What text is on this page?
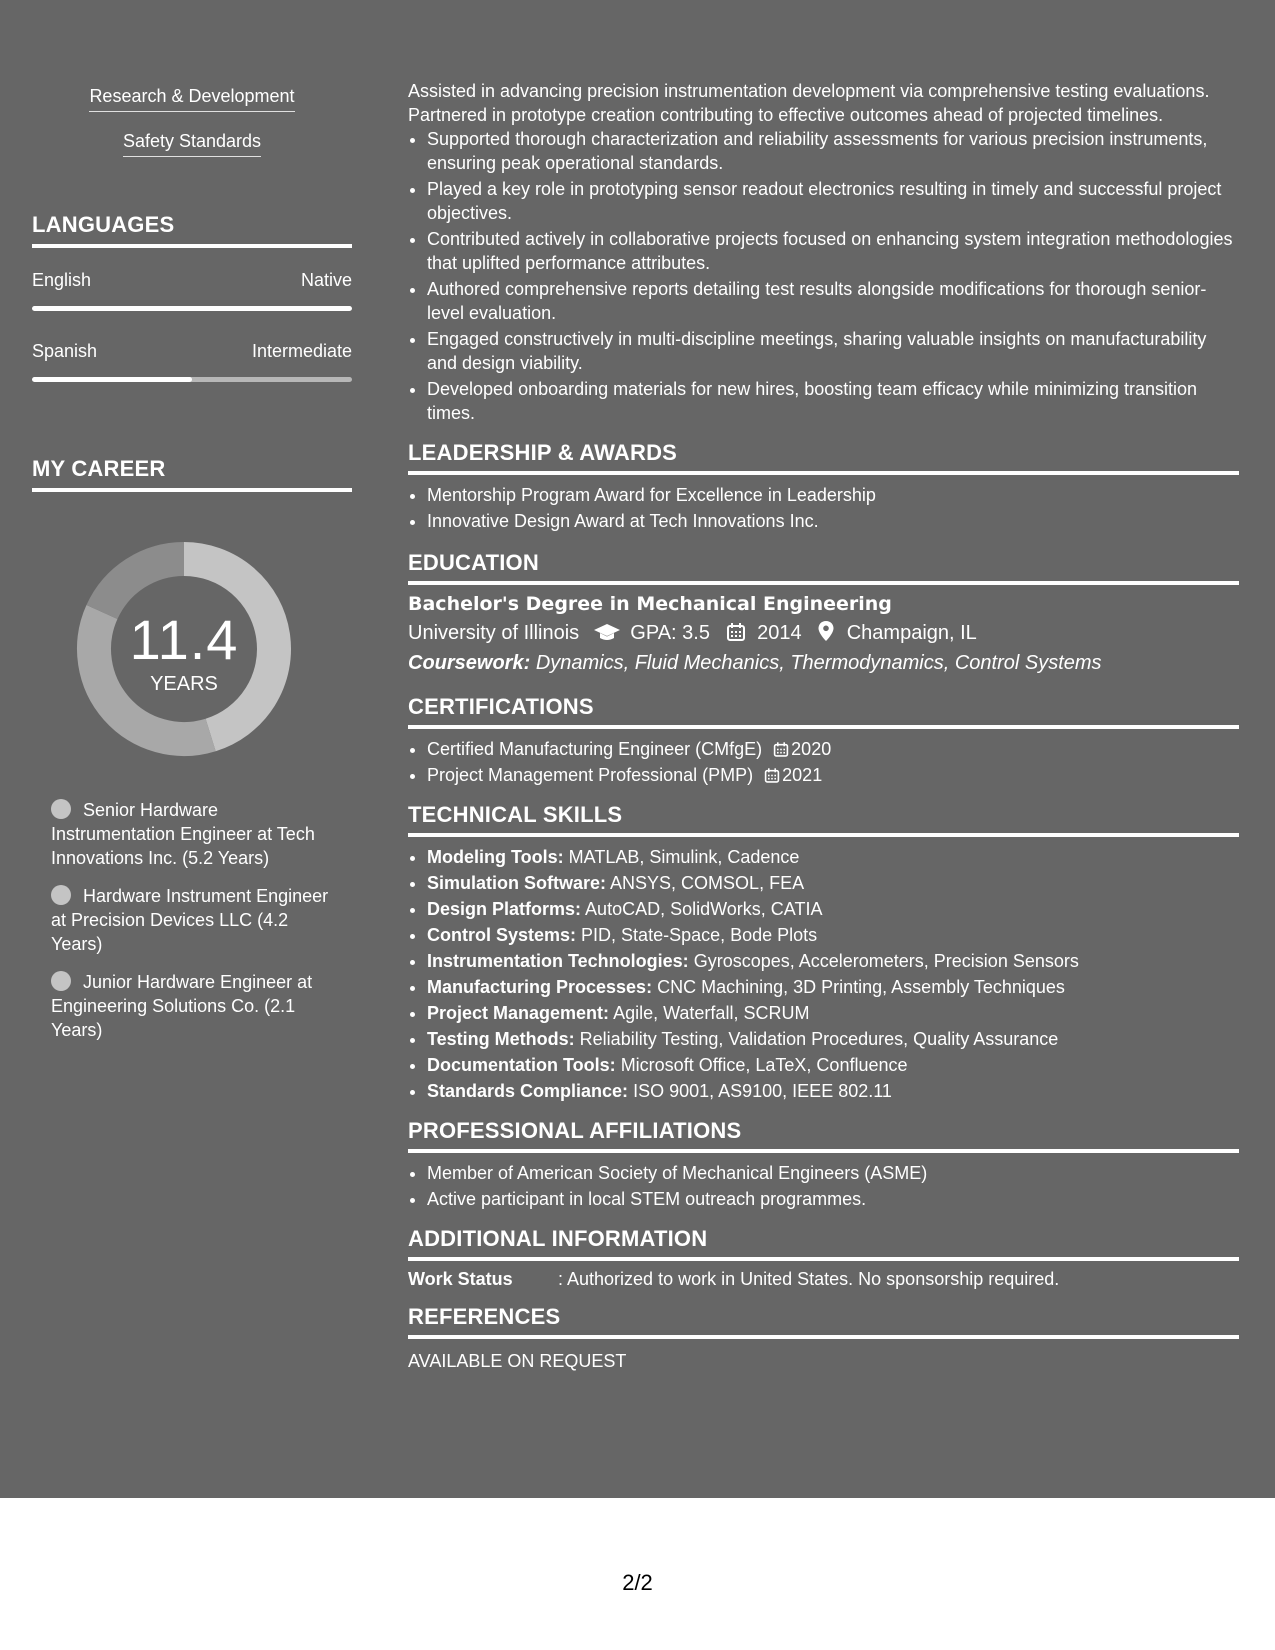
Research & Development
Safety Standards
LANGUAGES
English	Native
Spanish	Intermediate
MY CAREER
11.4
YEARS
Senior Hardware Instrumentation Engineer at Tech Innovations Inc. (5.2 Years)
Hardware Instrument Engineer at Precision Devices LLC (4.2 Years)
Junior Hardware Engineer at Engineering Solutions Co. (2.1 Years)

Assisted in advancing precision instrumentation development via comprehensive testing evaluations. Partnered in prototype creation contributing to effective outcomes ahead of projected timelines.

• Supported thorough characterization and reliability assessments for various precision instruments, ensuring peak operational standards.
• Played a key role in prototyping sensor readout electronics resulting in timely and successful project objectives.
• Contributed actively in collaborative projects focused on enhancing system integration methodologies that uplifted performance attributes.
• Authored comprehensive reports detailing test results alongside modifications for thorough senior-level evaluation.
• Engaged constructively in multi-discipline meetings, sharing valuable insights on manufacturability and design viability.
• Developed onboarding materials for new hires, boosting team efficacy while minimizing transition times.
LEADERSHIP & AWARDS
• Mentorship Program Award for Excellence in Leadership
• Innovative Design Award at Tech Innovations Inc.
EDUCATION
Bachelor's Degree in Mechanical Engineering
University of Illinois	GPA: 3.5 2014 Champaign, IL
Coursework: Dynamics, Fluid Mechanics, Thermodynamics, Control Systems
CERTIFICATIONS
• Certified Manufacturing Engineer (CMfgE) 2020
• Project Management Professional (PMP) 2021
TECHNICAL SKILLS
• Modeling Tools: MATLAB, Simulink, Cadence
• Simulation Software: ANSYS, COMSOL, FEA
• Design Platforms: AutoCAD, SolidWorks, CATIA
• Control Systems: PID, State-Space, Bode Plots
• Instrumentation Technologies: Gyroscopes, Accelerometers, Precision Sensors
• Manufacturing Processes: CNC Machining, 3D Printing, Assembly Techniques
• Project Management: Agile, Waterfall, SCRUM
• Testing Methods: Reliability Testing, Validation Procedures, Quality Assurance
• Documentation Tools: Microsoft Office, LaTeX, Confluence
• Standards Compliance: ISO 9001, AS9100, IEEE 802.11
PROFESSIONAL AFFILIATIONS
• Member of American Society of Mechanical Engineers (ASME)
• Active participant in local STEM outreach programmes.
ADDITIONAL INFORMATION
Work Status	: Authorized to work in United States. No sponsorship required.
REFERENCES
AVAILABLE ON REQUEST
2/2
